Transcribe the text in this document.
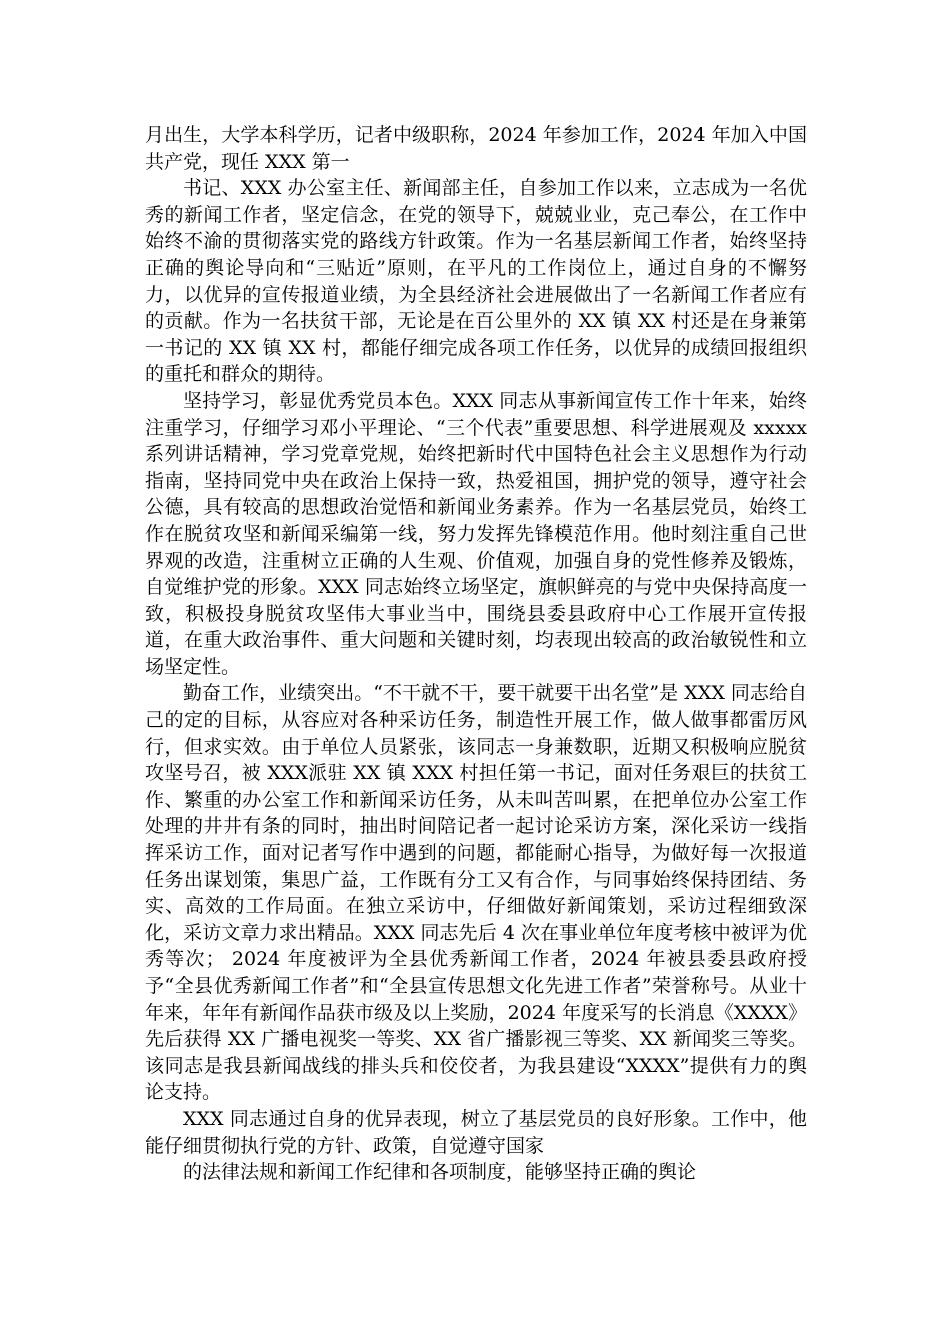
月出生，大学本科学历，记者中级职称，2024 年参加工作，2024 年加入中国共产党，现任 XXX 第一

书记、XXX 办公室主任、新闻部主任，自参加工作以来，立志成为一名优秀的新闻工作者，坚定信念，在党的领导下，兢兢业业，克己奉公，在工作中始终不渝的贯彻落实党的路线方针政策。作为一名基层新闻工作者，始终坚持正确的舆论导向和“三贴近”原则，在平凡的工作岗位上，通过自身的不懈努力，以优异的宣传报道业绩，为全县经济社会进展做出了一名新闻工作者应有的贡献。作为一名扶贫干部，无论是在百公里外的 XX 镇 XX 村还是在身兼第一书记的 XX 镇 XX 村，都能仔细完成各项工作任务，以优异的成绩回报组织的重托和群众的期待。

坚持学习，彰显优秀党员本色。XXX 同志从事新闻宣传工作十年来，始终注重学习，仔细学习邓小平理论、“三个代表”重要思想、科学进展观及 xxxxx 系列讲话精神，学习党章党规，始终把新时代中国特色社会主义思想作为行动指南，坚持同党中央在政治上保持一致，热爱祖国，拥护党的领导，遵守社会公德，具有较高的思想政治觉悟和新闻业务素养。作为一名基层党员，始终工作在脱贫攻坚和新闻采编第一线，努力发挥先锋模范作用。他时刻注重自己世界观的改造，注重树立正确的人生观、价值观，加强自身的党性修养及锻炼，自觉维护党的形象。XXX 同志始终立场坚定，旗帜鲜亮的与党中央保持高度一致，积极投身脱贫攻坚伟大事业当中，围绕县委县政府中心工作展开宣传报道，在重大政治事件、重大问题和关键时刻，均表现出较高的政治敏锐性和立场坚定性。

勤奋工作，业绩突出。“不干就不干，要干就要干出名堂”是 XXX 同志给自己的定的目标，从容应对各种采访任务，制造性开展工作，做人做事都雷厉风行，但求实效。由于单位人员紧张，该同志一身兼数职，近期又积极响应脱贫攻坚号召，被 XXX派驻 XX 镇 XXX 村担任第一书记，面对任务艰巨的扶贫工作、繁重的办公室工作和新闻采访任务，从未叫苦叫累，在把单位办公室工作处理的井井有条的同时，抽出时间陪记者一起讨论采访方案，深化采访一线指挥采访工作，面对记者写作中遇到的问题，都能耐心指导，为做好每一次报道任务出谋划策，集思广益，工作既有分工又有合作，与同事始终保持团结、务实、高效的工作局面。在独立采访中，仔细做好新闻策划，采访过程细致深化，采访文章力求出精品。XXX 同志先后 4 次在事业单位年度考核中被评为优秀等次； 2024 年度被评为全县优秀新闻工作者，2024 年被县委县政府授予“全县优秀新闻工作者”和“全县宣传思想文化先进工作者”荣誉称号。从业十年来，年年有新闻作品获市级及以上奖励，2024 年度采写的长消息《XXXX》先后获得 XX 广播电视奖一等奖、XX 省广播影视三等奖、XX 新闻奖三等奖。该同志是我县新闻战线的排头兵和佼佼者，为我县建设“XXXX”提供有力的舆论支持。

XXX 同志通过自身的优异表现，树立了基层党员的良好形象。工作中，他能仔细贯彻执行党的方针、政策，自觉遵守国家

的法律法规和新闻工作纪律和各项制度，能够坚持正确的舆论
